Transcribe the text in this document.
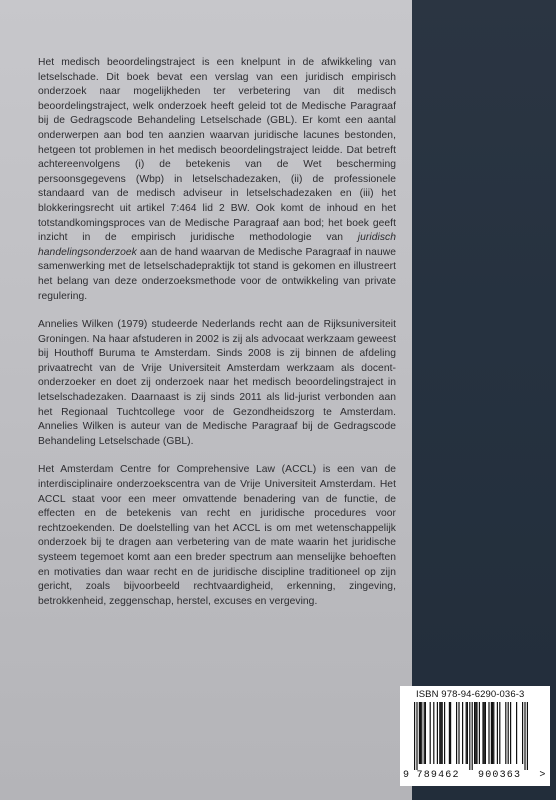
Het medisch beoordelingstraject is een knelpunt in de afwikkeling van letselschade. Dit boek bevat een verslag van een juridisch empirisch onderzoek naar mogelijkheden ter verbetering van dit medisch beoordelingstraject, welk onderzoek heeft geleid tot de Medische Paragraaf bij de Gedragscode Behandeling Letselschade (GBL). Er komt een aantal onderwerpen aan bod ten aanzien waarvan juridische lacunes bestonden, hetgeen tot problemen in het medisch beoordelingstraject leidde. Dat betreft achtereenvolgens (i) de betekenis van de Wet bescherming persoonsgegevens (Wbp) in letselschadezaken, (ii) de professionele standaard van de medisch adviseur in letselschadezaken en (iii) het blokkeringsrecht uit artikel 7:464 lid 2 BW. Ook komt de inhoud en het totstandkomingsproces van de Medische Paragraaf aan bod; het boek geeft inzicht in de empirisch juridische methodologie van juridisch handelingsonderzoek aan de hand waarvan de Medische Paragraaf in nauwe samenwerking met de letselschadepraktijk tot stand is gekomen en illustreert het belang van deze onderzoeksmethode voor de ontwikkeling van private regulering.

Annelies Wilken (1979) studeerde Nederlands recht aan de Rijksuniversiteit Groningen. Na haar afstuderen in 2002 is zij als advocaat werkzaam geweest bij Houthoff Buruma te Amsterdam. Sinds 2008 is zij binnen de afdeling privaatrecht van de Vrije Universiteit Amsterdam werkzaam als docent-onderzoeker en doet zij onderzoek naar het medisch beoordelingstraject in letselschadezaken. Daarnaast is zij sinds 2011 als lid-jurist verbonden aan het Regionaal Tuchtcollege voor de Gezondheidszorg te Amsterdam. Annelies Wilken is auteur van de Medische Paragraaf bij de Gedragscode Behandeling Letselschade (GBL).

Het Amsterdam Centre for Comprehensive Law (ACCL) is een van de interdisciplinaire onderzoekscentra van de Vrije Universiteit Amsterdam. Het ACCL staat voor een meer omvattende benadering van de functie, de effecten en de betekenis van recht en juridische procedures voor rechtzoekenden. De doelstelling van het ACCL is om met wetenschappelijk onderzoek bij te dragen aan verbetering van de mate waarin het juridische systeem tegemoet komt aan een breder spectrum aan menselijke behoeften en motivaties dan waar recht en de juridische discipline traditioneel op zijn gericht, zoals bijvoorbeeld rechtvaardigheid, erkenning, zingeving, betrokkenheid, zeggenschap, herstel, excuses en vergeving.

ISBN 978-94-6290-036-3
9 789462	900363	>
